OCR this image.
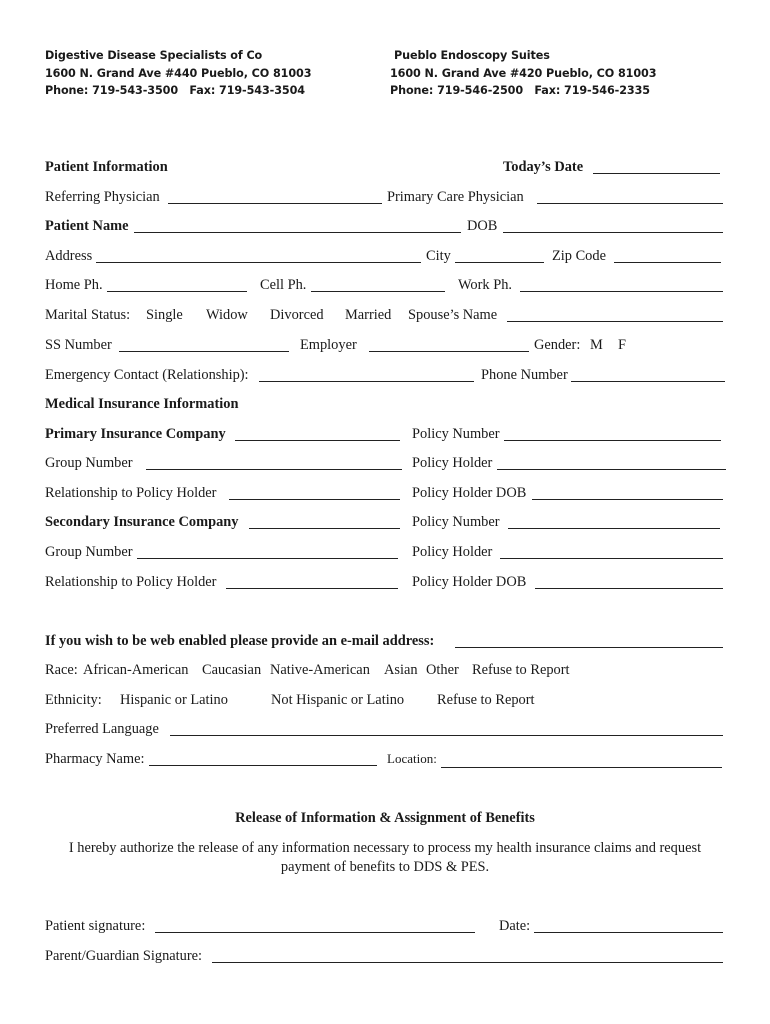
Digestive Disease Specialists of Co
1600 N. Grand Ave #440 Pueblo, CO 81003
Phone: 719-543-3500   Fax: 719-543-3504
Pueblo Endoscopy Suites
1600 N. Grand Ave #420 Pueblo, CO 81003
Phone: 719-546-2500   Fax: 719-546-2335
Patient Information	Today’s Date
Referring Physician	Primary Care Physician
Patient Name	DOB
Address	City	Zip Code
Home Ph.	Cell Ph.	Work Ph.
Marital Status: Single Widow Divorced Married Spouse’s Name
SS Number	Employer	Gender: M F
Emergency Contact (Relationship):	Phone Number
Medical Insurance Information
Primary Insurance Company	Policy Number
Group Number	Policy Holder
Relationship to Policy Holder	Policy Holder DOB
Secondary Insurance Company	Policy Number
Group Number	Policy Holder
Relationship to Policy Holder	Policy Holder DOB
If you wish to be web enabled please provide an e-mail address:
Race: African-American Caucasian Native-American Asian Other Refuse to Report
Ethnicity: Hispanic or Latino	Not Hispanic or Latino Refuse to Report
Preferred Language
Pharmacy Name:	Location:
Release of Information & Assignment of Benefits
I hereby authorize the release of any information necessary to process my health insurance claims and request
payment of benefits to DDS & PES.
Patient signature:	Date:
Parent/Guardian Signature:
